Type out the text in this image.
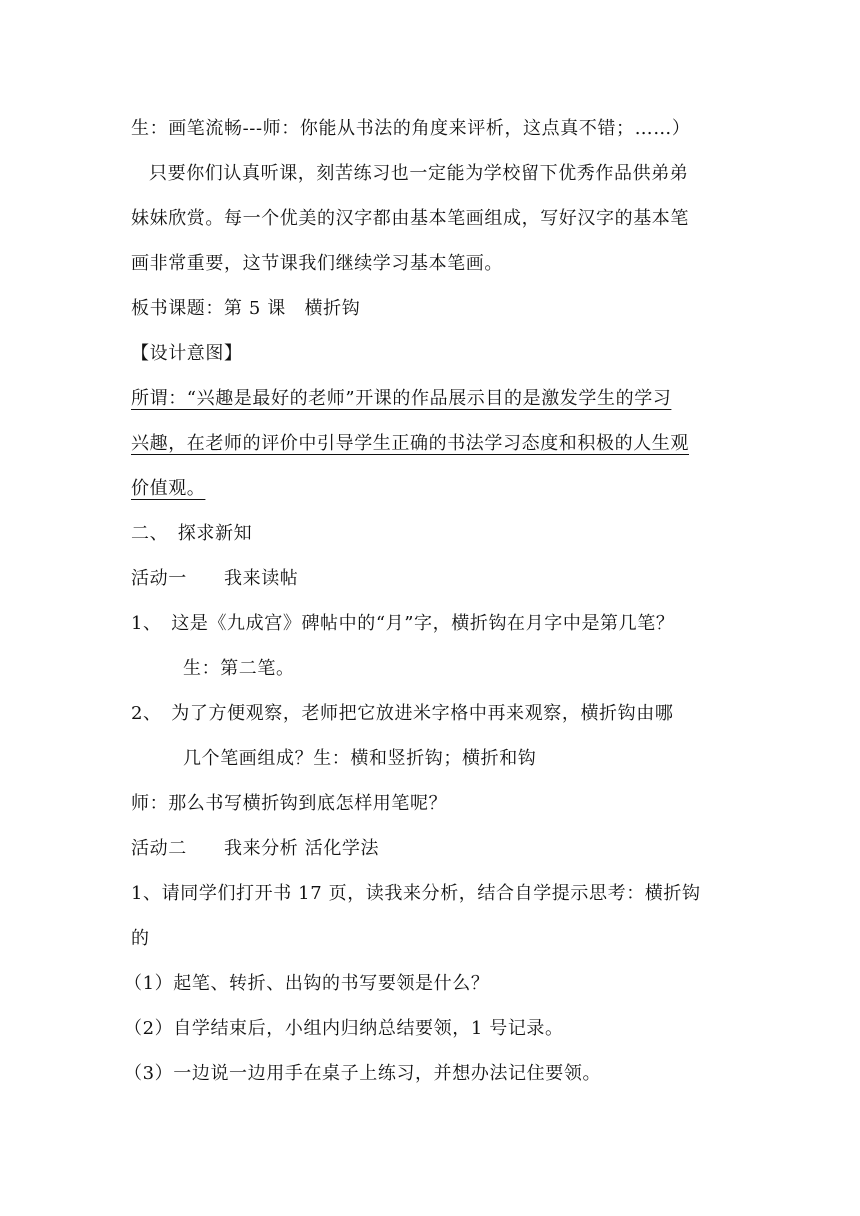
生：画笔流畅---师：你能从书法的角度来评析，这点真不错；……）
只要你们认真听课，刻苦练习也一定能为学校留下优秀作品供弟弟
妹妹欣赏。每一个优美的汉字都由基本笔画组成，写好汉字的基本笔
画非常重要，这节课我们继续学习基本笔画。
板书课题：第 5 课　横折钩
【设计意图】
所谓：“兴趣是最好的老师”开课的作品展示目的是激发学生的学习
兴趣，在老师的评价中引导学生正确的书法学习态度和积极的人生观
价值观。
二、　探求新知
活动一　　我来读帖
1、　这是《九成宫》碑帖中的“月”字，横折钩在月字中是第几笔？
生：第二笔。
2、　为了方便观察，老师把它放进米字格中再来观察，横折钩由哪
几个笔画组成？生：横和竖折钩；横折和钩
师：那么书写横折钩到底怎样用笔呢？
活动二　　我来分析 活化学法
1、请同学们打开书 17 页，读我来分析，结合自学提示思考：横折钩
的
（1）起笔、转折、出钩的书写要领是什么？
（2）自学结束后，小组内归纳总结要领，1 号记录。
（3）一边说一边用手在桌子上练习，并想办法记住要领。
